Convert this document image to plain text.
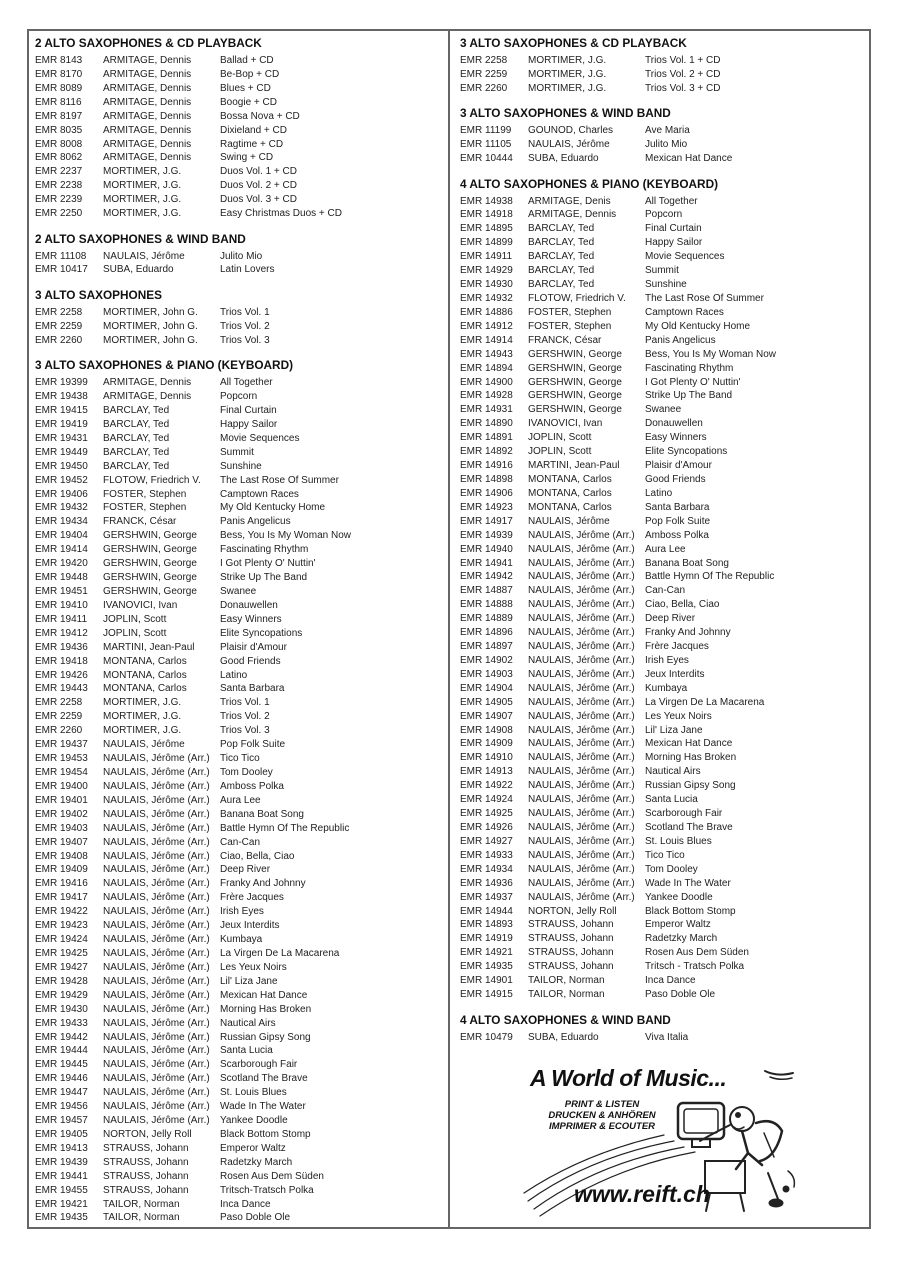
2 ALTO SAXOPHONES & CD PLAYBACK
EMR 8143 ARMITAGE, Dennis	Ballad + CD
EMR 8170 ARMITAGE, Dennis	Be-Bop + CD
EMR 8089 ARMITAGE, Dennis	Blues + CD
EMR 8116 ARMITAGE, Dennis	Boogie + CD
EMR 8197 ARMITAGE, Dennis	Bossa Nova + CD
EMR 8035 ARMITAGE, Dennis	Dixieland + CD
EMR 8008 ARMITAGE, Dennis	Ragtime + CD
EMR 8062 ARMITAGE, Dennis	Swing + CD
EMR 2237 MORTIMER, J.G.	Duos Vol. 1 + CD
EMR 2238 MORTIMER, J.G.	Duos Vol. 2 + CD
EMR 2239 MORTIMER, J.G.	Duos Vol. 3 + CD
EMR 2250 MORTIMER, J.G.	Easy Christmas Duos + CD
2 ALTO SAXOPHONES & WIND BAND
EMR 11108 NAULAIS, Jérôme	Julito Mio
EMR 10417 SUBA, Eduardo	Latin Lovers
3 ALTO SAXOPHONES
EMR 2258 MORTIMER, John G. Trios Vol. 1
EMR 2259 MORTIMER, John G. Trios Vol. 2
EMR 2260 MORTIMER, John G. Trios Vol. 3
3 ALTO SAXOPHONES & PIANO (KEYBOARD)
EMR 19399 ARMITAGE, Dennis	All Together
EMR 19438 ARMITAGE, Dennis	Popcorn
EMR 19415 BARCLAY, Ted	Final Curtain
EMR 19419 BARCLAY, Ted	Happy Sailor
EMR 19431 BARCLAY, Ted	Movie Sequences
EMR 19449 BARCLAY, Ted	Summit
EMR 19450 BARCLAY, Ted	Sunshine
EMR 19452 FLOTOW, Friedrich V. The Last Rose Of Summer
EMR 19406 FOSTER, Stephen	Camptown Races
EMR 19432 FOSTER, Stephen	My Old Kentucky Home
EMR 19434 FRANCK, César	Panis Angelicus
EMR 19404 GERSHWIN, George Bess, You Is My Woman Now
EMR 19414 GERSHWIN, George Fascinating Rhythm
EMR 19420 GERSHWIN, George I Got Plenty O' Nuttin'
EMR 19448 GERSHWIN, George Strike Up The Band
EMR 19451 GERSHWIN, George Swanee
EMR 19410 IVANOVICI, Ivan	Donauwellen
EMR 19411 JOPLIN, Scott	Easy Winners
EMR 19412 JOPLIN, Scott	Elite Syncopations
EMR 19436 MARTINI, Jean-Paul	Plaisir d'Amour
EMR 19418 MONTANA, Carlos	Good Friends
EMR 19426 MONTANA, Carlos	Latino
EMR 19443 MONTANA, Carlos	Santa Barbara
EMR 2258 MORTIMER, J.G.	Trios Vol. 1
EMR 2259 MORTIMER, J.G.	Trios Vol. 2
EMR 2260 MORTIMER, J.G.	Trios Vol. 3
EMR 19437 NAULAIS, Jérôme	Pop Folk Suite
EMR 19453 NAULAIS, Jérôme (Arr.) Tico Tico
EMR 19454 NAULAIS, Jérôme (Arr.) Tom Dooley
EMR 19400 NAULAIS, Jérôme (Arr.) Amboss Polka
EMR 19401 NAULAIS, Jérôme (Arr.) Aura Lee
EMR 19402 NAULAIS, Jérôme (Arr.) Banana Boat Song
EMR 19403 NAULAIS, Jérôme (Arr.) Battle Hymn Of The Republic
EMR 19407 NAULAIS, Jérôme (Arr.) Can-Can
EMR 19408 NAULAIS, Jérôme (Arr.) Ciao, Bella, Ciao
EMR 19409 NAULAIS, Jérôme (Arr.) Deep River
EMR 19416 NAULAIS, Jérôme (Arr.) Franky And Johnny
EMR 19417 NAULAIS, Jérôme (Arr.) Frère Jacques
EMR 19422 NAULAIS, Jérôme (Arr.) Irish Eyes
EMR 19423 NAULAIS, Jérôme (Arr.) Jeux Interdits
EMR 19424 NAULAIS, Jérôme (Arr.) Kumbaya
EMR 19425 NAULAIS, Jérôme (Arr.) La Virgen De La Macarena
EMR 19427 NAULAIS, Jérôme (Arr.) Les Yeux Noirs
EMR 19428 NAULAIS, Jérôme (Arr.) Lil' Liza Jane
EMR 19429 NAULAIS, Jérôme (Arr.) Mexican Hat Dance
EMR 19430 NAULAIS, Jérôme (Arr.) Morning Has Broken
EMR 19433 NAULAIS, Jérôme (Arr.) Nautical Airs
EMR 19442 NAULAIS, Jérôme (Arr.) Russian Gipsy Song
EMR 19444 NAULAIS, Jérôme (Arr.) Santa Lucia
EMR 19445 NAULAIS, Jérôme (Arr.) Scarborough Fair
EMR 19446 NAULAIS, Jérôme (Arr.) Scotland The Brave
EMR 19447 NAULAIS, Jérôme (Arr.) St. Louis Blues
EMR 19456 NAULAIS, Jérôme (Arr.) Wade In The Water
EMR 19457 NAULAIS, Jérôme (Arr.) Yankee Doodle
EMR 19405 NORTON, Jelly Roll	Black Bottom Stomp
EMR 19413 STRAUSS, Johann	Emperor Waltz
EMR 19439 STRAUSS, Johann	Radetzky March
EMR 19441 STRAUSS, Johann	Rosen Aus Dem Süden
EMR 19455 STRAUSS, Johann	Tritsch-Tratsch Polka
EMR 19421 TAILOR, Norman	Inca Dance
EMR 19435 TAILOR, Norman	Paso Doble Ole
3 ALTO SAXOPHONES & CD PLAYBACK
EMR 2258 MORTIMER, J.G.	Trios Vol. 1 + CD
EMR 2259 MORTIMER, J.G.	Trios Vol. 2 + CD
EMR 2260 MORTIMER, J.G.	Trios Vol. 3 + CD
3 ALTO SAXOPHONES & WIND BAND
EMR 11199 GOUNOD, Charles	Ave Maria
EMR 11105 NAULAIS, Jérôme	Julito Mio
EMR 10444 SUBA, Eduardo	Mexican Hat Dance
4 ALTO SAXOPHONES & PIANO (KEYBOARD)
EMR 14938 ARMITAGE, Denis	All Together
EMR 14918 ARMITAGE, Dennis	Popcorn
EMR 14895 BARCLAY, Ted	Final Curtain
EMR 14899 BARCLAY, Ted	Happy Sailor
EMR 14911 BARCLAY, Ted	Movie Sequences
EMR 14929 BARCLAY, Ted	Summit
EMR 14930 BARCLAY, Ted	Sunshine
EMR 14932 FLOTOW, Friedrich V. The Last Rose Of Summer
EMR 14886 FOSTER, Stephen	Camptown Races
EMR 14912 FOSTER, Stephen	My Old Kentucky Home
EMR 14914 FRANCK, César	Panis Angelicus
EMR 14943 GERSHWIN, George Bess, You Is My Woman Now
EMR 14894 GERSHWIN, George Fascinating Rhythm
EMR 14900 GERSHWIN, George I Got Plenty O' Nuttin'
EMR 14928 GERSHWIN, George Strike Up The Band
EMR 14931 GERSHWIN, George Swanee
EMR 14890 IVANOVICI, Ivan	Donauwellen
EMR 14891 JOPLIN, Scott	Easy Winners
EMR 14892 JOPLIN, Scott	Elite Syncopations
EMR 14916 MARTINI, Jean-Paul	Plaisir d'Amour
EMR 14898 MONTANA, Carlos	Good Friends
EMR 14906 MONTANA, Carlos	Latino
EMR 14923 MONTANA, Carlos	Santa Barbara
EMR 14917 NAULAIS, Jérôme	Pop Folk Suite
EMR 14939 NAULAIS, Jérôme (Arr.) Amboss Polka
EMR 14940 NAULAIS, Jérôme (Arr.) Aura Lee
EMR 14941 NAULAIS, Jérôme (Arr.) Banana Boat Song
EMR 14942 NAULAIS, Jérôme (Arr.) Battle Hymn Of The Republic
EMR 14887 NAULAIS, Jérôme (Arr.) Can-Can
EMR 14888 NAULAIS, Jérôme (Arr.) Ciao, Bella, Ciao
EMR 14889 NAULAIS, Jérôme (Arr.) Deep River
EMR 14896 NAULAIS, Jérôme (Arr.) Franky And Johnny
EMR 14897 NAULAIS, Jérôme (Arr.) Frère Jacques
EMR 14902 NAULAIS, Jérôme (Arr.) Irish Eyes
EMR 14903 NAULAIS, Jérôme (Arr.) Jeux Interdits
EMR 14904 NAULAIS, Jérôme (Arr.) Kumbaya
EMR 14905 NAULAIS, Jérôme (Arr.) La Virgen De La Macarena
EMR 14907 NAULAIS, Jérôme (Arr.) Les Yeux Noirs
EMR 14908 NAULAIS, Jérôme (Arr.) Lil' Liza Jane
EMR 14909 NAULAIS, Jérôme (Arr.) Mexican Hat Dance
EMR 14910 NAULAIS, Jérôme (Arr.) Morning Has Broken
EMR 14913 NAULAIS, Jérôme (Arr.) Nautical Airs
EMR 14922 NAULAIS, Jérôme (Arr.) Russian Gipsy Song
EMR 14924 NAULAIS, Jérôme (Arr.) Santa Lucia
EMR 14925 NAULAIS, Jérôme (Arr.) Scarborough Fair
EMR 14926 NAULAIS, Jérôme (Arr.) Scotland The Brave
EMR 14927 NAULAIS, Jérôme (Arr.) St. Louis Blues
EMR 14933 NAULAIS, Jérôme (Arr.) Tico Tico
EMR 14934 NAULAIS, Jérôme (Arr.) Tom Dooley
EMR 14936 NAULAIS, Jérôme (Arr.) Wade In The Water
EMR 14937 NAULAIS, Jérôme (Arr.) Yankee Doodle
EMR 14944 NORTON, Jelly Roll	Black Bottom Stomp
EMR 14893 STRAUSS, Johann	Emperor Waltz
EMR 14919 STRAUSS, Johann	Radetzky March
EMR 14921 STRAUSS, Johann	Rosen Aus Dem Süden
EMR 14935 STRAUSS, Johann	Tritsch - Tratsch Polka
EMR 14901 TAILOR, Norman	Inca Dance
EMR 14915 TAILOR, Norman	Paso Doble Ole
4 ALTO SAXOPHONES & WIND BAND
EMR 10479 SUBA, Eduardo	Viva Italia
A World of Music...
PRINT & LISTEN
DRUCKEN & ANHÖREN
IMPRIMER & ECOUTER
www.reift.ch
